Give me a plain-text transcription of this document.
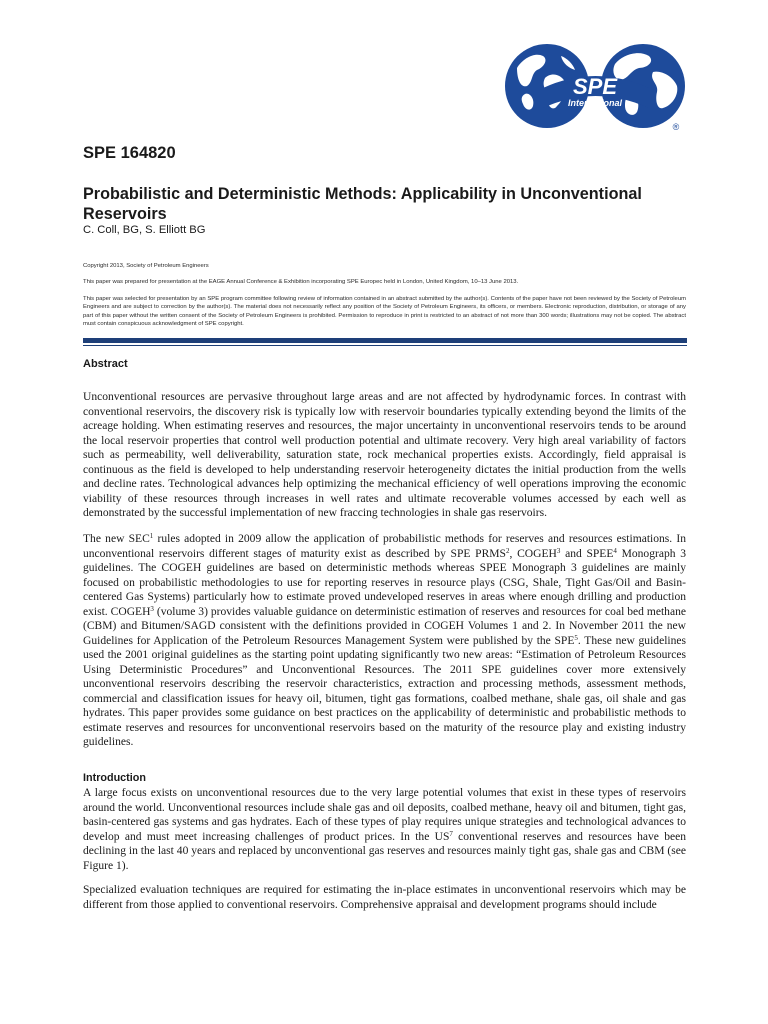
SPE
International
®
SPE 164820
Probabilistic and Deterministic Methods: Applicability in Unconventional Reservoirs
C. Coll, BG, S. Elliott BG
Copyright 2013, Society of Petroleum Engineers
This paper was prepared for presentation at the EAGE Annual Conference & Exhibition incorporating SPE Europec held in London, United Kingdom, 10–13 June 2013.
This paper was selected for presentation by an SPE program committee following review of information contained in an abstract submitted by the author(s). Contents of the paper have not been reviewed by the Society of Petroleum Engineers and are subject to correction by the author(s). The material does not necessarily reflect any position of the Society of Petroleum Engineers, its officers, or members. Electronic reproduction, distribution, or storage of any part of this paper without the written consent of the Society of Petroleum Engineers is prohibited. Permission to reproduce in print is restricted to an abstract of not more than 300 words; illustrations may not be copied. The abstract must contain conspicuous acknowledgment of SPE copyright.
Abstract

Unconventional resources are pervasive throughout large areas and are not affected by hydrodynamic forces. In contrast with conventional reservoirs, the discovery risk is typically low with reservoir boundaries typically extending beyond the limits of the acreage holding. When estimating reserves and resources, the major uncertainty in unconventional reservoirs tends to be around the local reservoir properties that control well production potential and ultimate recovery. Very high areal variability of factors such as permeability, well deliverability, saturation state, rock mechanical properties exists. Accordingly, field appraisal is continuous as the field is developed to help understanding reservoir heterogeneity dictates the initial production from the wells and decline rates. Technological advances help optimizing the mechanical efficiency of well operations improving the economic viability of these resources through increases in well rates and ultimate recoverable volumes accessed by each well as demonstrated by the successful implementation of new fraccing technologies in shale gas reservoirs.

The new SEC$^1$ rules adopted in 2009 allow the application of probabilistic methods for reserves and resources estimations. In unconventional reservoirs different stages of maturity exist as described by SPE PRMS$^2$, COGEH$^3$ and SPEE$^4$ Monograph 3 guidelines. The COGEH guidelines are based on deterministic methods whereas SPEE Monograph 3 guidelines are mainly focused on probabilistic methodologies to use for reporting reserves in resource plays (CSG, Shale, Tight Gas/Oil and Basin-centered Gas Systems) particularly how to estimate proved undeveloped reserves in areas where enough drilling and production exist. COGEH$^3$ (volume 3) provides valuable guidance on deterministic estimation of reserves and resources for coal bed methane (CBM) and Bitumen/SAGD consistent with the definitions provided in COGEH Volumes 1 and 2. In November 2011 the new Guidelines for Application of the Petroleum Resources Management System were published by the SPE$^5$. These new guidelines used the 2001 original guidelines as the starting point updating significantly two new areas: “Estimation of Petroleum Resources Using Deterministic Procedures” and Unconventional Resources. The 2011 SPE guidelines cover more extensively unconventional reservoirs describing the reservoir characteristics, extraction and processing methods, assessment methods, commercial and classification issues for heavy oil, bitumen, tight gas formations, coalbed methane, shale gas, oil shale and gas hydrates. This paper provides some guidance on best practices on the applicability of deterministic and probabilistic methods to estimate reserves and resources for unconventional reservoirs based on the maturity of the resource play and existing industry guidelines.

Introduction

A large focus exists on unconventional resources due to the very large potential volumes that exist in these types of reservoirs around the world. Unconventional resources include shale gas and oil deposits, coalbed methane, heavy oil and bitumen, tight gas, basin-centered gas systems and gas hydrates. Each of these types of play requires unique strategies and technological advances to develop and must meet increasing challenges of product prices. In the $US^7$ conventional reserves and resources have been declining in the last 40 years and replaced by unconventional gas reserves and resources mainly tight gas, shale gas and CBM (see Figure 1).

Specialized evaluation techniques are required for estimating the in-place estimates in unconventional reservoirs which may be different from those applied to conventional reservoirs. Comprehensive appraisal and development programs should include
